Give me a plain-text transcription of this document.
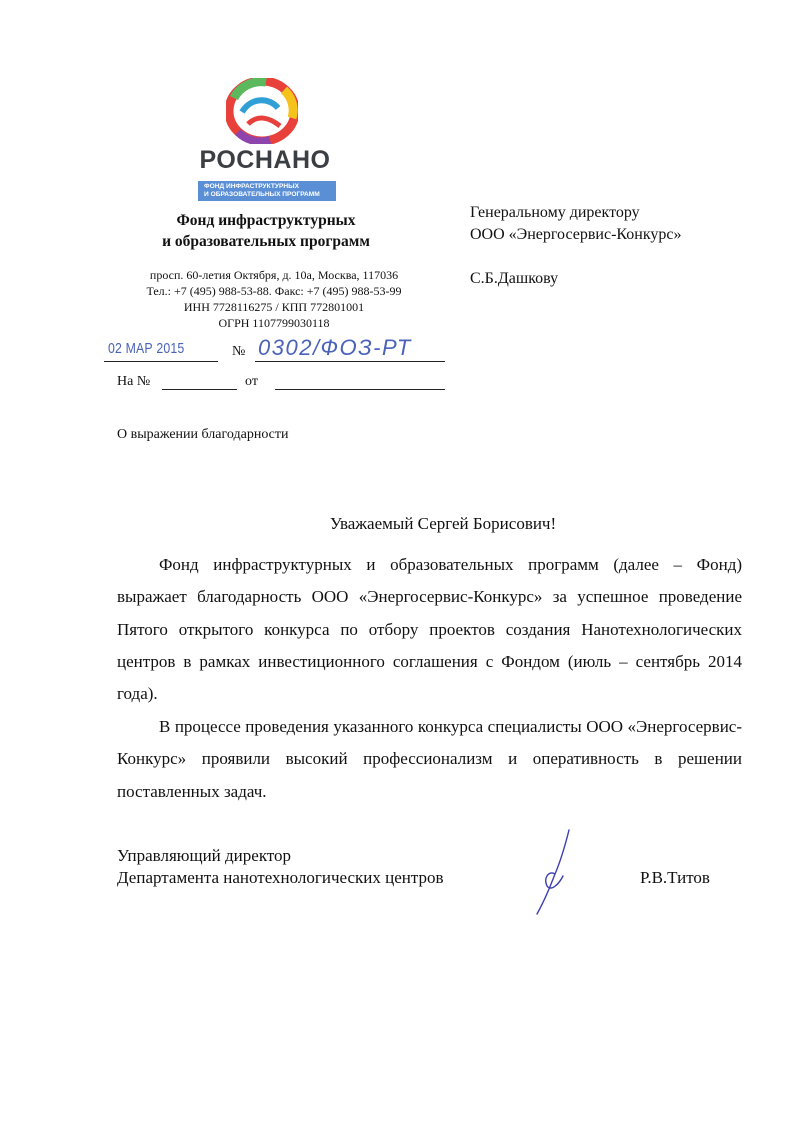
РОСНАНО
ФОНД ИНФРАСТРУКТУРНЫХ
И ОБРАЗОВАТЕЛЬНЫХ ПРОГРАММ
Фонд инфраструктурных
и образовательных программ
просп. 60-летия Октября, д. 10а, Москва, 117036
Тел.: +7 (495) 988-53-88. Факс: +7 (495) 988-53-99
ИНН 7728116275 / КПП 772801001
ОГРН 1107799030118
02 МАР 2015	№ 0302/ФОЗ-РТ
На №	от
О выражении благодарности
Генеральному директору
ООО «Энергосервис-Конкурс»
С.Б.Дашкову
Уважаемый Сергей Борисович!
Фонд инфраструктурных и образовательных программ (далее – Фонд) выражает благодарность ООО «Энергосервис-Конкурс» за успешное проведение Пятого открытого конкурса по отбору проектов создания Нанотехнологических центров в рамках инвестиционного соглашения с Фондом (июль – сентябрь 2014 года).
В процессе проведения указанного конкурса специалисты ООО «Энергосервис-Конкурс» проявили высокий профессионализм и оперативность в решении поставленных задач.
Управляющий директор
Департамента нанотехнологических центров	Р.В.Титов
